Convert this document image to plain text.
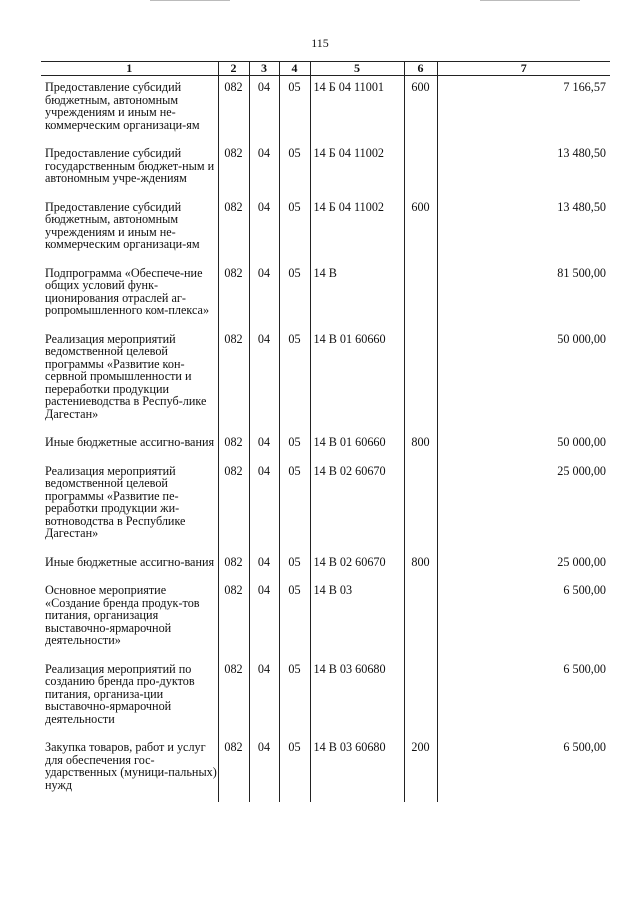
115
1	2	3	4	5	6	7
Предоставление субсидий бюджетным, автономным учреждениям и иным не-коммерческим организаци-ям	082	04	05	14 Б 04 11001	600	7 166,57
Предоставление субсидий государственным бюджет-ным и автономным учре-ждениям	082	04	05	14 Б 04 11002		13 480,50
Предоставление субсидий бюджетным, автономным учреждениям и иным не-коммерческим организаци-ям	082	04	05	14 Б 04 11002	600	13 480,50
Подпрограмма «Обеспече-ние общих условий функ-ционирования отраслей аг-ропромышленного ком-плекса»	082	04	05	14 В		81 500,00
Реализация мероприятий ведомственной целевой программы «Развитие кон-сервной промышленности и переработки продукции растениеводства в Респуб-лике Дагестан»	082	04	05	14 В 01 60660		50 000,00
Иные бюджетные ассигно-вания	082	04	05	14 В 01 60660	800	50 000,00
Реализация мероприятий ведомственной целевой программы «Развитие пе-реработки продукции жи-вотноводства в Республике Дагестан»	082	04	05	14 В 02 60670		25 000,00
Иные бюджетные ассигно-вания	082	04	05	14 В 02 60670	800	25 000,00
Основное мероприятие «Создание бренда продук-тов питания, организация выставочно-ярмарочной деятельности»	082	04	05	14 В 03		6 500,00
Реализация мероприятий по созданию бренда про-дуктов питания, организа-ции выставочно-ярмарочной деятельности	082	04	05	14 В 03 60680		6 500,00
Закупка товаров, работ и услуг для обеспечения гос-ударственных (муници-пальных) нужд	082	04	05	14 В 03 60680	200	6 500,00
